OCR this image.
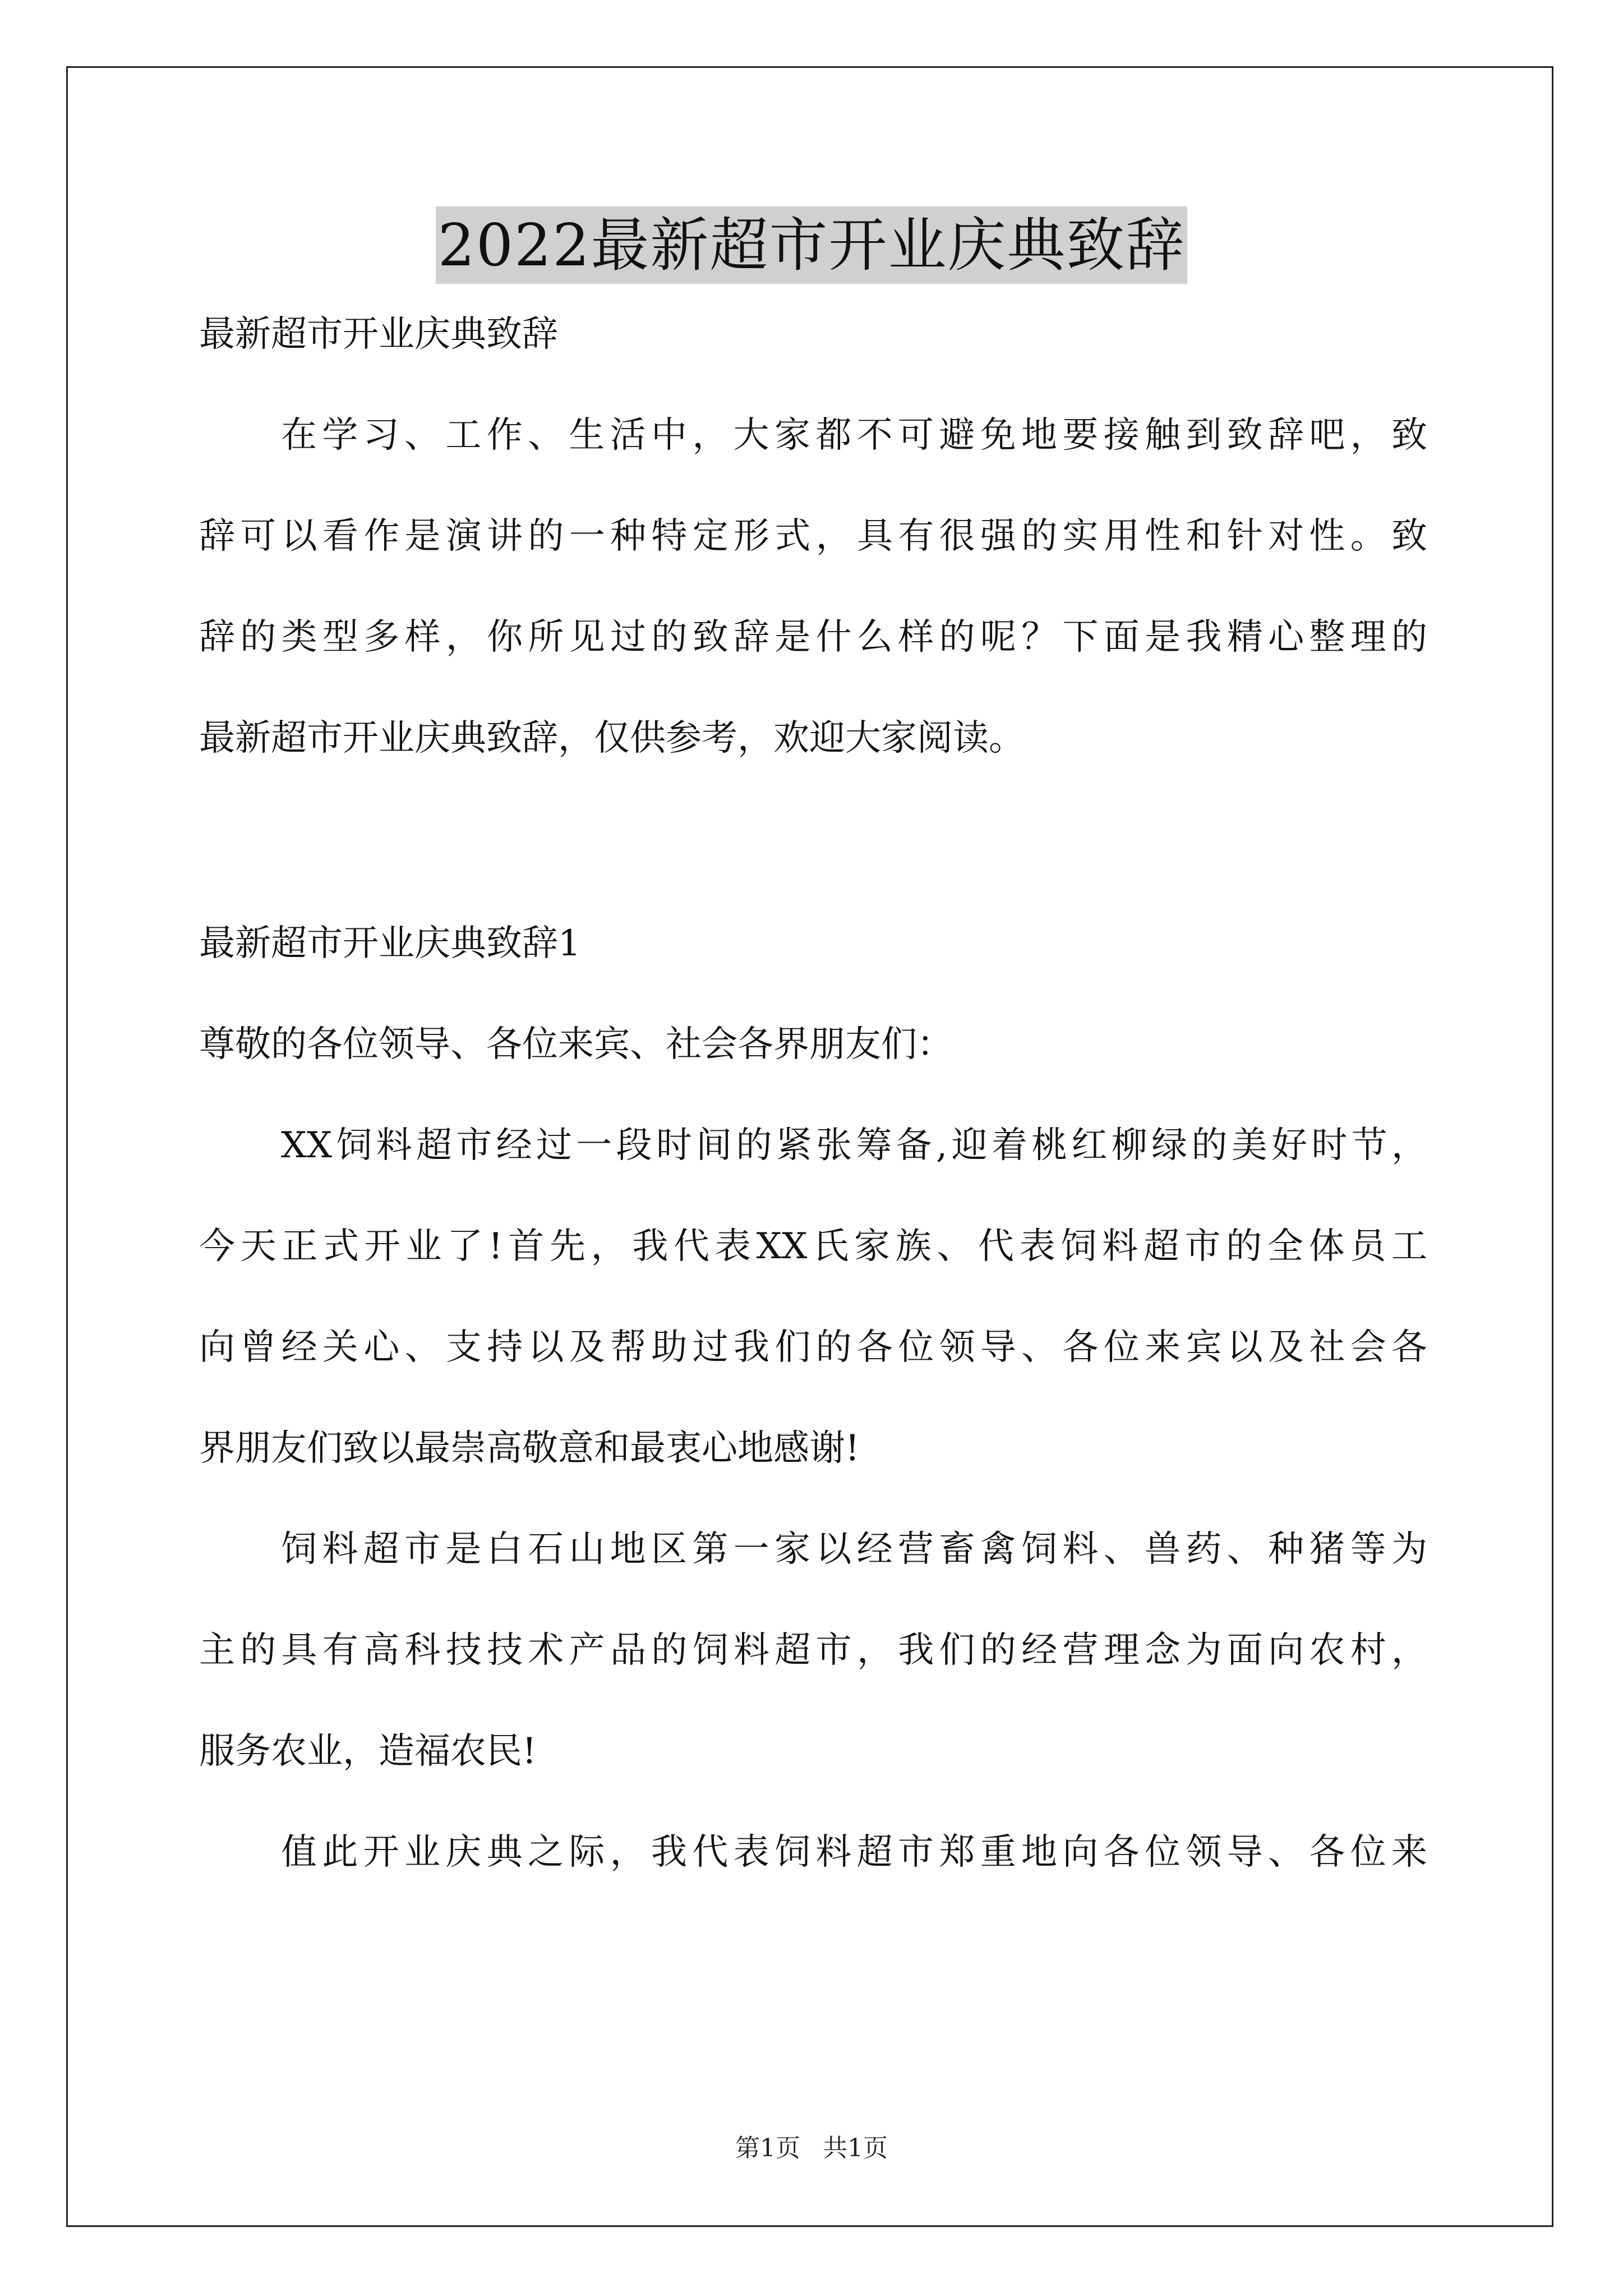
2022最新超市开业庆典致辞
最新超市开业庆典致辞
在学习、工作、生活中，大家都不可避免地要接触到致辞吧，致
辞可以看作是演讲的一种特定形式，具有很强的实用性和针对性。致
辞的类型多样，你所见过的致辞是什么样的呢？下面是我精心整理的
最新超市开业庆典致辞，仅供参考，欢迎大家阅读。
最新超市开业庆典致辞1
尊敬的各位领导、各位来宾、社会各界朋友们：
XX饲料超市经过一段时间的紧张筹备,迎着桃红柳绿的美好时节，
今天正式开业了!首先，我代表XX氏家族、代表饲料超市的全体员工
向曾经关心、支持以及帮助过我们的各位领导、各位来宾以及社会各
界朋友们致以最崇高敬意和最衷心地感谢!
饲料超市是白石山地区第一家以经营畜禽饲料、兽药、种猪等为
主的具有高科技技术产品的饲料超市，我们的经营理念为面向农村，
服务农业，造福农民!
值此开业庆典之际，我代表饲料超市郑重地向各位领导、各位来
第1页 共1页
